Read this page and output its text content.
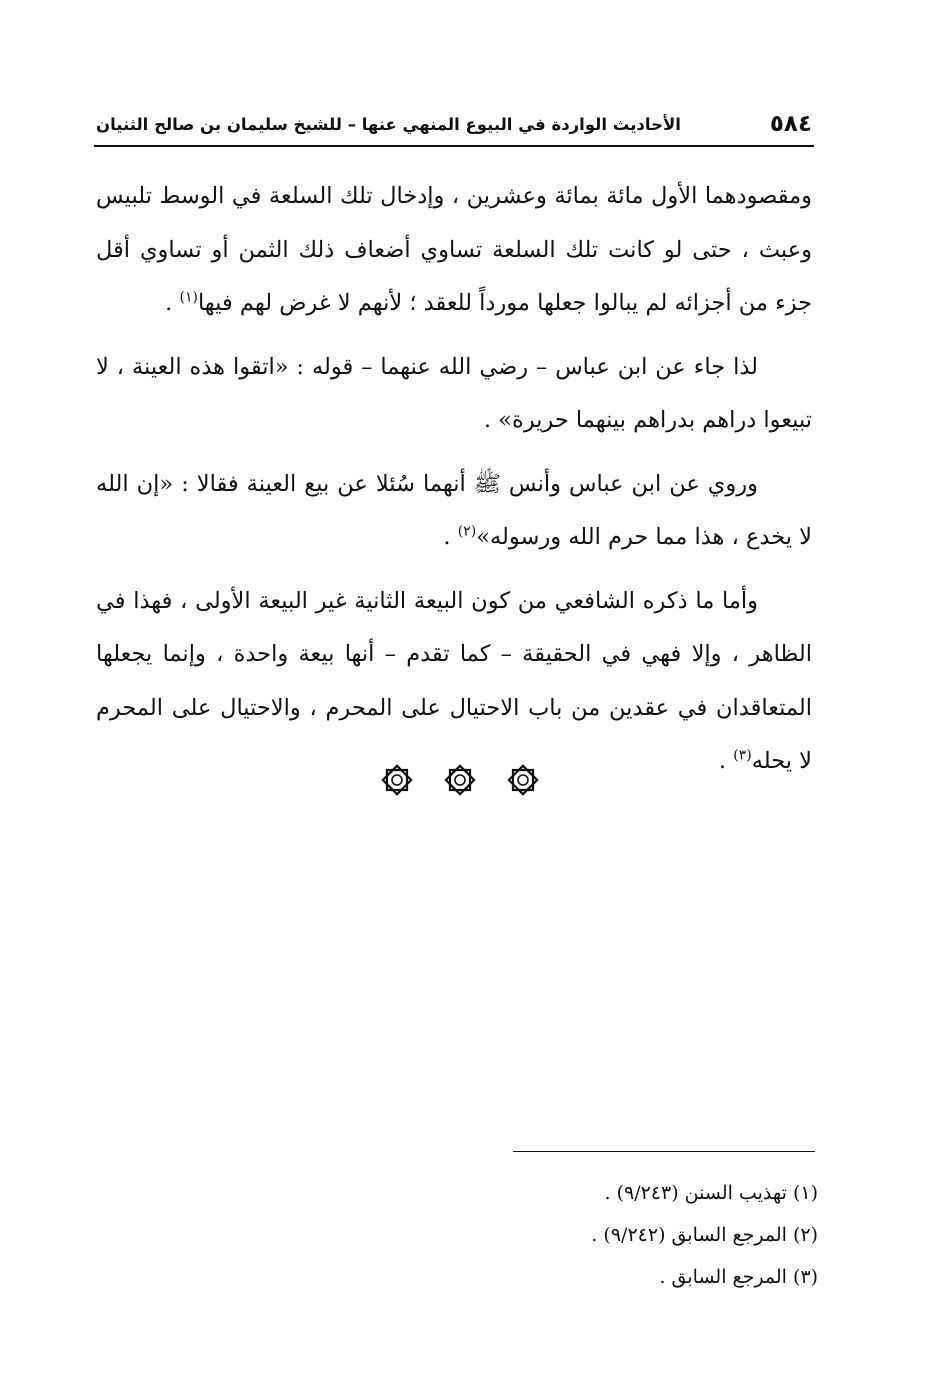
٥٨٤
الأحاديث الواردة في البيوع المنهي عنها – للشيخ سليمان بن صالح الثنيان

ومقصودهما الأول مائة بمائة وعشرين ، وإدخال تلك السلعة في الوسط تلبيس وعبث ، حتى لو كانت تلك السلعة تساوي أضعاف ذلك الثمن أو تساوي أقل جزء من أجزائه لم يبالوا جعلها مورداً للعقد ؛ لأنهم لا غرض لهم فيها$^{(١)}$ .

لذا جاء عن ابن عباس – رضي الله عنهما – قوله : «اتقوا هذه العينة ، لا تبيعوا دراهم بدراهم بينهما حريرة» .

وروي عن ابن عباس وأنس ﷺ أنهما سُئلا عن بيع العينة فقالا : «إن الله لا يخدع ، هذا مما حرم الله ورسوله»$^{(٢)}$ .

وأما ما ذكره الشافعي من كون البيعة الثانية غير البيعة الأولى ، فهذا في الظاهر ، وإلا فهي في الحقيقة – كما تقدم – أنها بيعة واحدة ، وإنما يجعلها المتعاقدان في عقدين من باب الاحتيال على المحرم ، والاحتيال على المحرم لا يحله$^{(٣)}$ .

(١) تهذيب السنن (٩/٢٤٣) .
(٢) المرجع السابق (٩/٢٤٢) .
(٣) المرجع السابق .
